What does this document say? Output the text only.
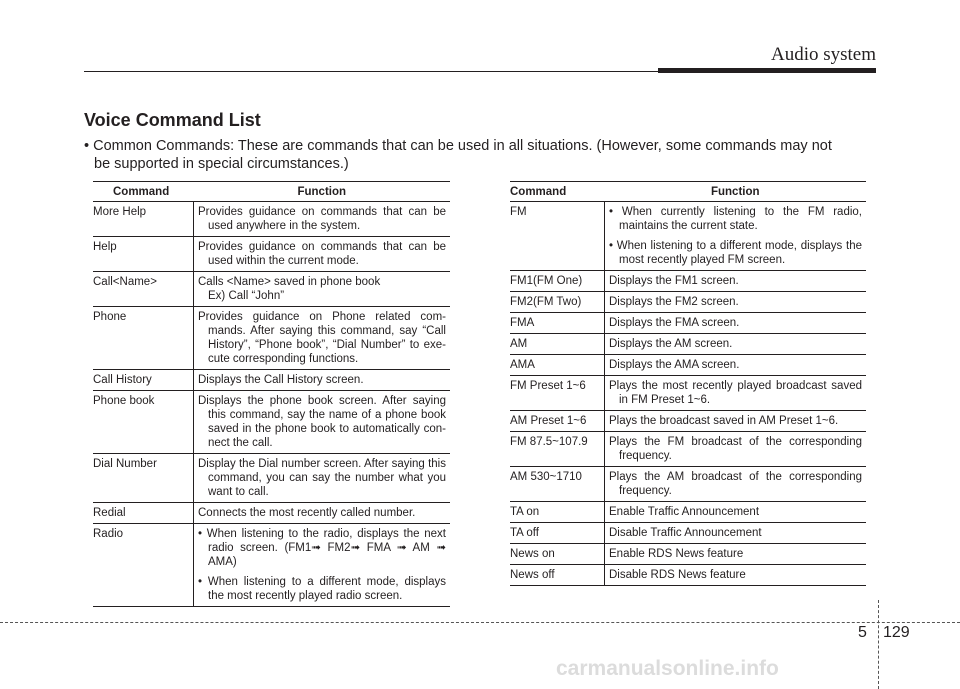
Audio system
Voice Command List
• Common Commands: These are commands that can be used in all situations. (However, some commands may not
be supported in special circumstances.)
Command	Function
More Help	Provides guidance on commands that can be used anywhere in the system.

Help	Provides guidance on commands that can be used within the current mode.

Call<Name>	Calls <Name> saved in phone book
Ex) Call “John”

Phone	Provides guidance on Phone related com-mands. After saying this command, say “Call History”, “Phone book”, “Dial Number” to exe-cute corresponding functions.

Call History	Displays the Call History screen.

Phone book	Displays the phone book screen. After saying this command, say the name of a phone book saved in the phone book to automatically con-nect the call.

Dial Number	Display the Dial number screen. After saying this command, you can say the number what you want to call.

Redial	Connects the most recently called number.

Radio	• When listening to the radio, displays the next radio screen. (FM1➟ FM2➟ FMA ➟ AM ➟ AMA)
• When listening to a different mode, displays the most recently played radio screen.
Command	Function
FM	• When currently listening to the FM radio, maintains the current state.
• When listening to a different mode, displays the most recently played FM screen.

FM1(FM One)	Displays the FM1 screen.

FM2(FM Two)	Displays the FM2 screen.

FMA	Displays the FMA screen.

AM	Displays the AM screen.

AMA	Displays the AMA screen.

FM Preset 1~6	Plays the most recently played broadcast saved in FM Preset 1~6.

AM Preset 1~6	Plays the broadcast saved in AM Preset 1~6.

FM 87.5~107.9	Plays the FM broadcast of the corresponding frequency.

AM 530~1710	Plays the AM broadcast of the corresponding frequency.

TA on	Enable Traffic Announcement

TA off	Disable Traffic Announcement

News on	Enable RDS News feature

News off	Disable RDS News feature
5 129
carmanualsonline.info
